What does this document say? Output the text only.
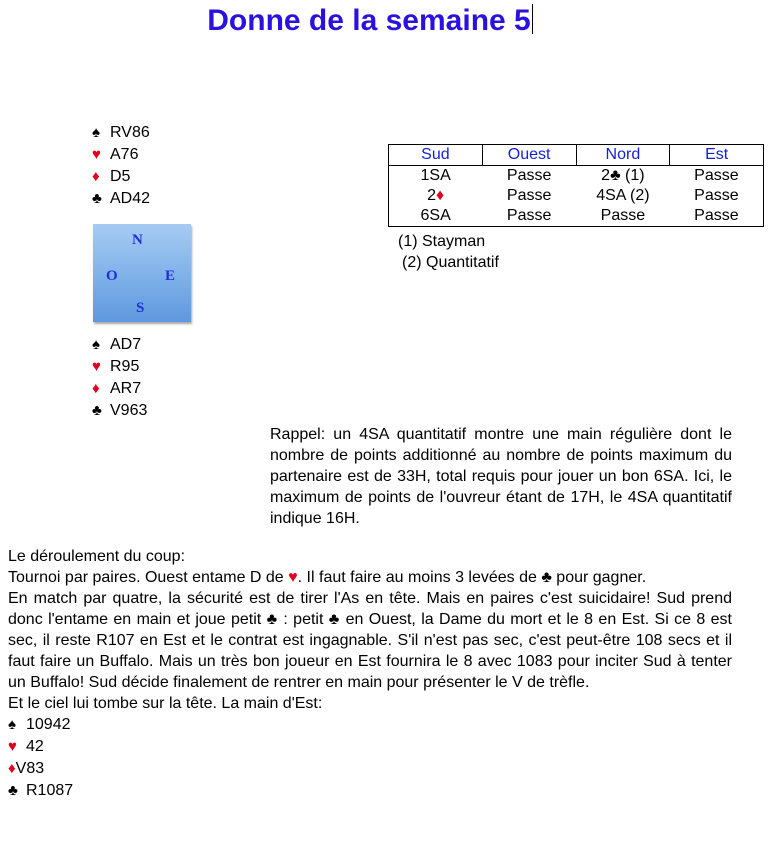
Donne de la semaine 5
♠ RV86
♥ A76
♦ D5
♣ AD42
N
O	E
S
♠ AD7
♥ R95
♦ AR7
♣ V963
Sud	Ouest	Nord	Est
1SA	Passe	2♣ (1)	Passe
2♦	Passe	4SA (2)	Passe
6SA	Passe	Passe	Passe
(1) Stayman
(2) Quantitatif
Rappel: un 4SA quantitatif montre une main régulière dont le nombre de points additionné au nombre de points maximum du partenaire est de 33H, total requis pour jouer un bon 6SA. Ici, le maximum de points de l'ouvreur étant de 17H, le 4SA quantitatif indique 16H.

Le déroulement du coup:

Tournoi par paires. Ouest entame D de ♥. Il faut faire au moins 3 levées de ♣ pour gagner.

En match par quatre, la sécurité est de tirer l'As en tête. Mais en paires c'est suicidaire! Sud prend donc l'entame en main et joue petit ♣ : petit ♣ en Ouest, la Dame du mort et le 8 en Est. Si ce 8 est sec, il reste R107 en Est et le contrat est ingagnable. S'il n'est pas sec, c'est peut-être 108 secs et il faut faire un Buffalo. Mais un très bon joueur en Est fournira le 8 avec 1083 pour inciter Sud à tenter un Buffalo! Sud décide finalement de rentrer en main pour présenter le V de trèfle.

Et le ciel lui tombe sur la tête. La main d'Est:

♠ 10942
♥ 42
♦V83
♣ R1087
